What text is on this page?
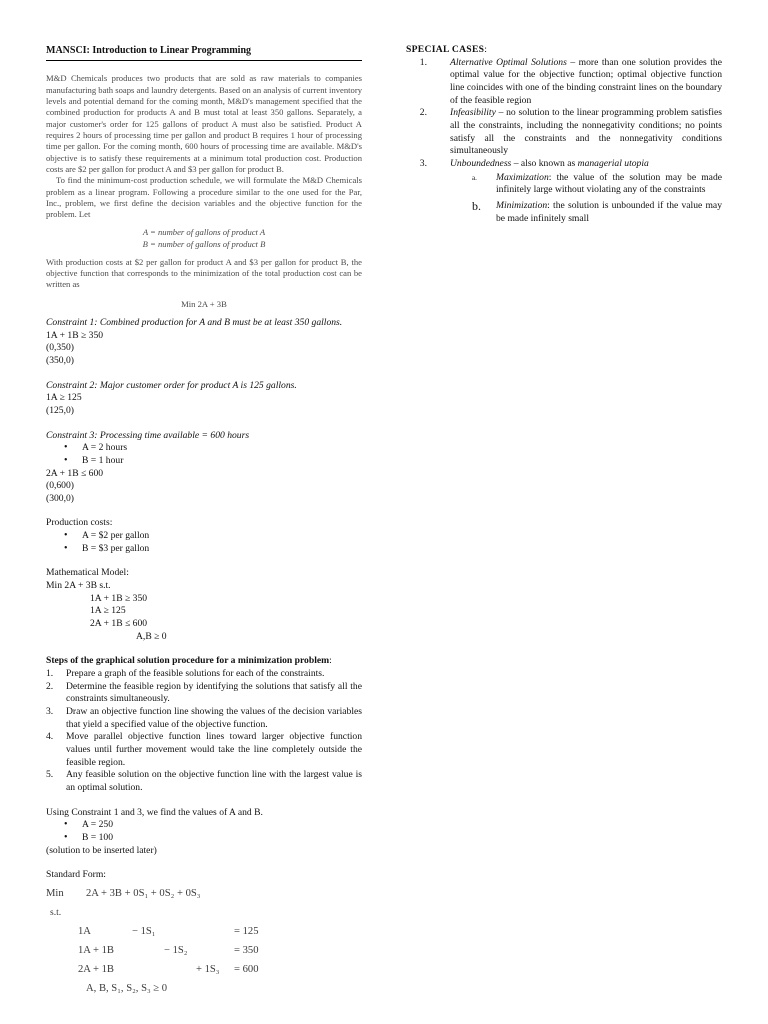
MANSCI: Introduction to Linear Programming

M&D Chemicals produces two products that are sold as raw materials to companies manufacturing bath soaps and laundry detergents. Based on an analysis of current inventory levels and potential demand for the coming month, M&D's management specified that the combined production for products A and B must total at least 350 gallons. Separately, a major customer's order for 125 gallons of product A must also be satisfied. Product A requires 2 hours of processing time per gallon and product B requires 1 hour of processing time per gallon. For the coming month, 600 hours of processing time are available. M&D's objective is to satisfy these requirements at a minimum total production cost. Production costs are $2 per gallon for product A and $3 per gallon for product B.

To find the minimum-cost production schedule, we will formulate the M&D Chemicals problem as a linear program. Following a procedure similar to the one used for the Par, Inc., problem, we first define the decision variables and the objective function for the problem. Let

A = number of gallons of product A
B = number of gallons of product B

With production costs at $2 per gallon for product A and $3 per gallon for product B, the objective function that corresponds to the minimization of the total production cost can be written as

Min 2A + 3B
Constraint 1: Combined production for A and B must be at least 350 gallons.
1A + 1B ≥ 350
(0,350)
(350,0)
Constraint 2: Major customer order for product A is 125 gallons.
1A ≥ 125
(125,0)
Constraint 3: Processing time available = 600 hours
• A = 2 hours
• B = 1 hour
2A + 1B ≤ 600
(0,600)
(300,0)
Production costs:
• A = $2 per gallon
• B = $3 per gallon
Mathematical Model:
Min 2A + 3B s.t.
1A + 1B ≥ 350
1A ≥ 125
2A + 1B ≤ 600
A,B ≥ 0
Steps of the graphical solution procedure for a minimization problem:
1.	Prepare a graph of the feasible solutions for each of the constraints.
2.	Determine the feasible region by identifying the solutions that satisfy all the constraints simultaneously.
3.	Draw an objective function line showing the values of the decision variables that yield a specified value of the objective function.
4.	Move parallel objective function lines toward larger objective function values until further movement would take the line completely outside the feasible region.
5.	Any feasible solution on the objective function line with the largest value is an optimal solution.
Using Constraint 1 and 3, we find the values of A and B.
• A = 250
• B = 100
(solution to be inserted later)
Standard Form:
Min	2A + 3B + 0S₁ + 0S₂ + 0S₃
s.t.
1A	− 1S₁	= 125
1A + 1B	− 1S₂	= 350
2A + 1B	+ 1S₃	= 600
A, B, S₁, S₂, S₃ ≥ 0
SPECIAL CASES:
1.	Alternative Optimal Solutions – more than one solution provides the optimal value for the objective function; optimal objective function line coincides with one of the binding constraint lines on the boundary of the feasible region
2.	Infeasibility – no solution to the linear programming problem satisfies all the constraints, including the nonnegativity conditions; no points satisfy all the constraints and the nonnegativity conditions simultaneously
3.	Unboundedness – also known as managerial utopia
a.	Maximization: the value of the solution may be made infinitely large without violating any of the constraints
b.	Minimization: the solution is unbounded if the value may be made infinitely small
